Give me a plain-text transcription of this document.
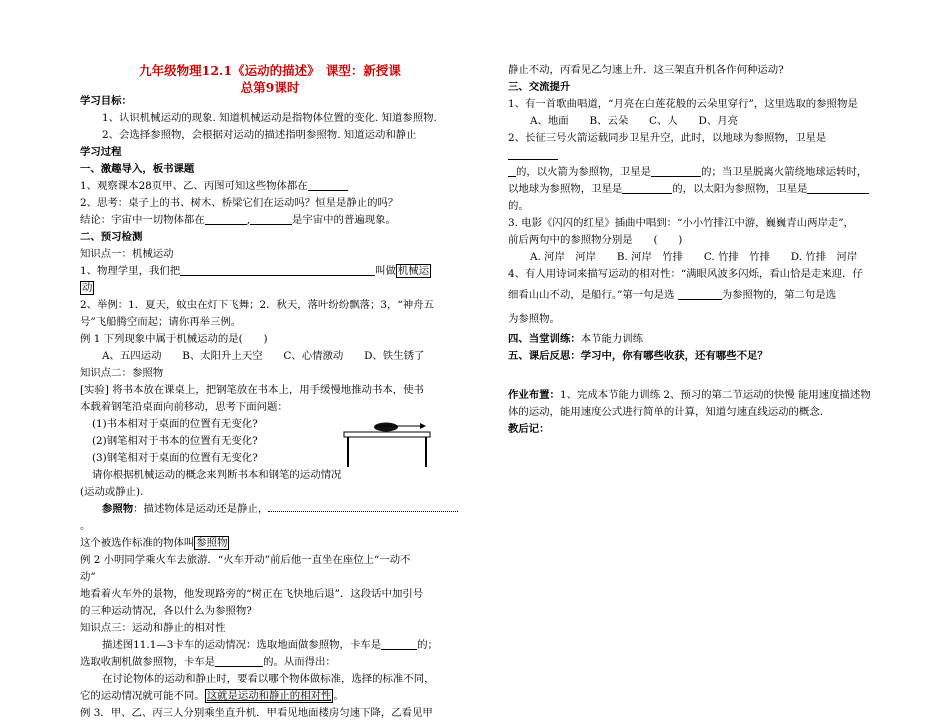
九年级物理12.1《运动的描述》　课型：新授课
总第9课时

学习目标：

1、认识机械运动的现象. 知道机械运动是指物体位置的变化. 知道参照物.

2、会选择参照物，会根据对运动的描述指明参照物. 知道运动和静止

学习过程

一、激趣导入，板书课题

1、观察课本28页甲、乙、丙图可知这些物体都在

2、思考：桌子上的书、树木、桥梁它们在运动吗？恒星是静止的吗？

结论：宇宙中一切物体都在	,	是宇宙中的普遍现象。

二、预习检测

知识点一：机械运动

1、物理学里，我们把	叫做 机械运

动

2、举例：1．夏天，蚊虫在灯下飞舞；2．秋天，落叶纷纷飘落；3，“神舟五

号”飞船腾空而起；请你再举三例。

例 1 下列现象中属于机械运动的是(　　)

A、五四运动　　B、太阳升上天空　　C、心情激动　　D、铁生锈了

知识点二：参照物

[实验] 将书本放在课桌上，把钢笔放在书本上，用手缓慢地推动书本，使书

本载着钢笔沿桌面向前移动，思考下面问题：

(1)书本相对于桌面的位置有无变化?

(2)钢笔相对于书本的位置有无变化?

(3)钢笔相对于桌面的位置有无变化?

请你根据机械运动的概念来判断书本和钢笔的运动情况

(运动或静止).

参照物：描述物体是运动还是静止，。

这个被选作标准的物体叫 参照物

例 2 小明同学乘火车去旅游．“火车开动”前后他一直坐在座位上“一动不

动”

地看着火车外的景物，他发现路旁的“树正在飞快地后退”．这段话中加引号

的三种运动情况，各以什么为参照物?

知识点三：运动和静止的相对性

描述图11.1—3卡车的运动情况：选取地面做参照物，卡车是	的；

选取收割机做参照物，卡车是	的。从而得出：

在讨论物体的运动和静止时，要看以哪个物体做标准，选择的标准不同，

它的运动情况就可能不同。 这就是运动和静止的相对性 。

例 3．甲、乙、丙三人分别乘坐直升机．甲看见地面楼房匀速下降，乙看见甲

静止不动，丙看见乙匀速上升．这三架直升机各作何种运动?

三、交流提升

1、有一首歌曲唱道，“月亮在白莲花般的云朵里穿行”，这里选取的参照物是

A、地面　　B、云朵　　C、人　　D、月亮

2、长征三号火箭运载同步卫星升空，此时，以地球为参照物，卫星是

的，以火箭为参照物，卫星是	的；当卫星脱离火箭绕地球运转时，

以地球为参照物，卫星是	的，以太阳为参照物，卫星是

的。

3. 电影《闪闪的红星》插曲中唱到：“小小竹排江中游，巍巍青山两岸走”，

前后两句中的参照物分别是　　(　　)

A. 河岸　河岸　　B. 河岸　竹排　　C. 竹排　竹排　　D. 竹排　河岸

4、有人用诗词来描写运动的相对性：“满眼风波多闪烁，看山恰是走来迎．仔

细看山山不动，是船行。”第一句是选	为参照物的，第二句是选

为参照物。

四、当堂训练：本节能力训练

五、课后反思：学习中，你有哪些收获，还有哪些不足？

作业布置：1、完成本节能力训练 2、预习的第二节运动的快慢 能用速度描述物体的运动，能用速度公式进行简单的计算，知道匀速直线运动的概念．

教后记：
